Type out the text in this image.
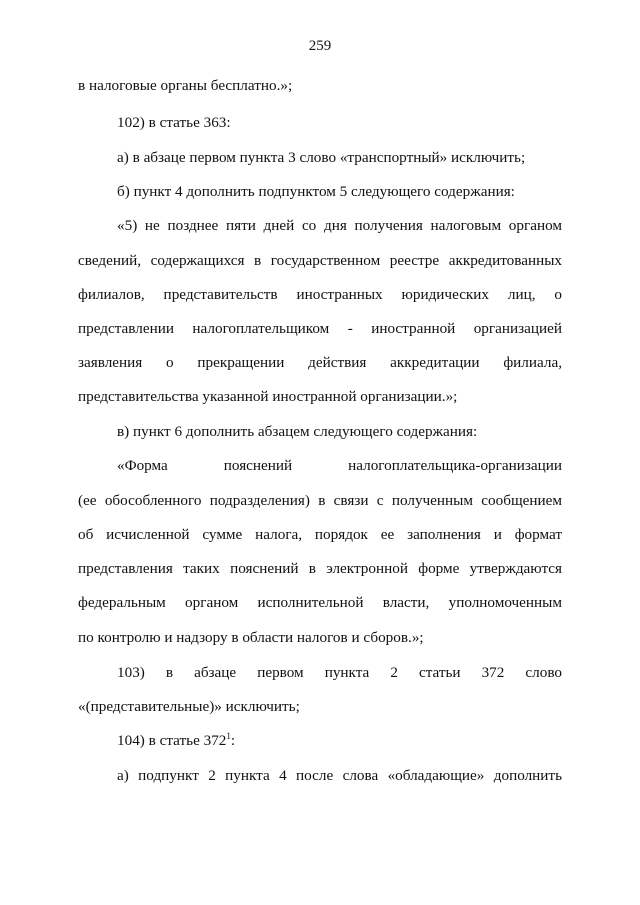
259
в налоговые органы бесплатно.»;
102) в статье 363:
а) в абзаце первом пункта 3 слово «транспортный» исключить;
б) пункт 4 дополнить подпунктом 5 следующего содержания:
«5) не позднее пяти дней со дня получения налоговым органом
сведений, содержащихся в государственном реестре аккредитованных
филиалов, представительств иностранных юридических лиц, о
представлении налогоплательщиком - иностранной организацией
заявления о прекращении действия аккредитации филиала,
представительства указанной иностранной организации.»;
в) пункт 6 дополнить абзацем следующего содержания:
«Форма пояснений налогоплательщика-организации
(ее обособленного подразделения) в связи с полученным сообщением
об исчисленной сумме налога, порядок ее заполнения и формат
представления таких пояснений в электронной форме утверждаются
федеральным органом исполнительной власти, уполномоченным
по контролю и надзору в области налогов и сборов.»;
103) в абзаце первом пункта 2 статьи 372 слово
«(представительные)» исключить;
104) в статье $372^1$:
а) подпункт 2 пункта 4 после слова «обладающие» дополнить
